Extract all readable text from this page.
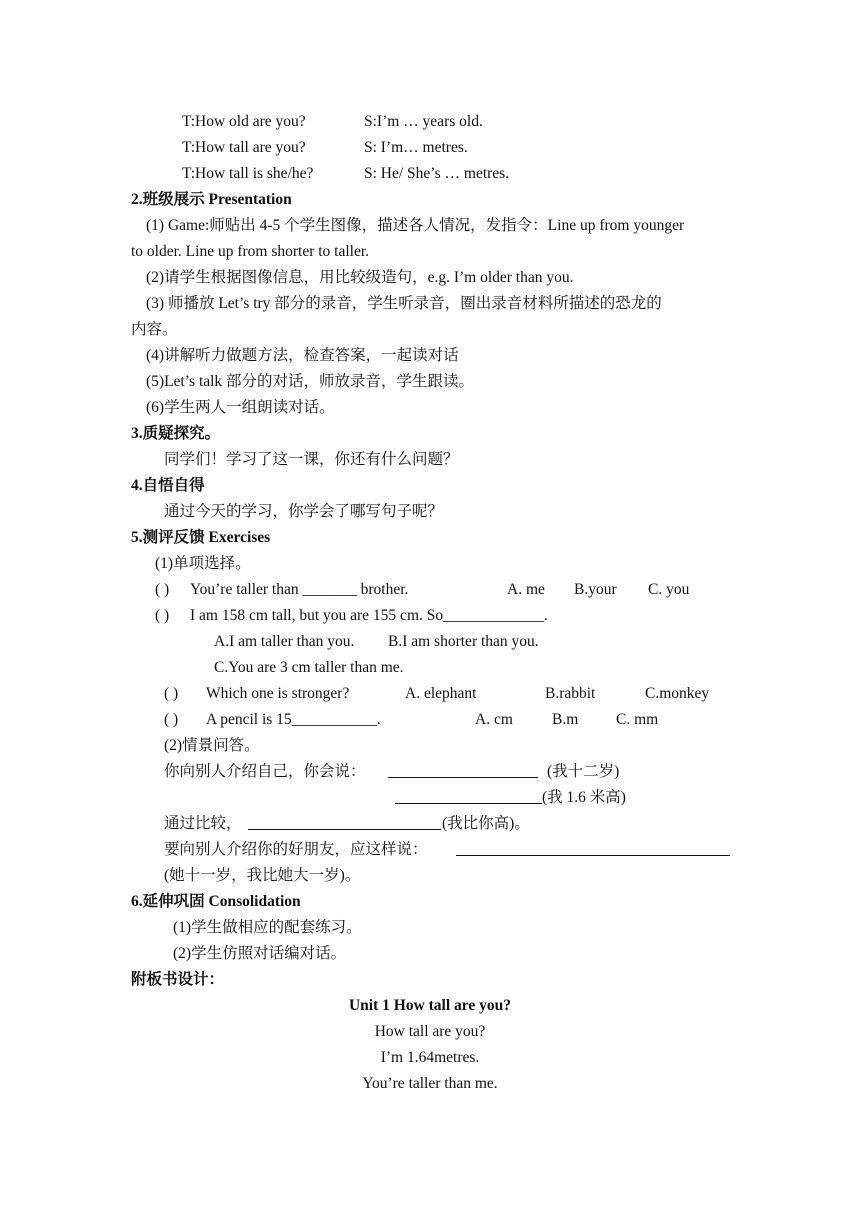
T:How old are you?	S:I’m … years old.
T:How tall are you?	S: I’m… metres.
T:How tall is she/he?	S: He/ She’s … metres.
2.班级展示 Presentation
(1) Game:师贴出 4-5 个学生图像，描述各人情况，发指令：Line up from younger
to older. Line up from shorter to taller.
(2)请学生根据图像信息，用比较级造句，e.g. I’m older than you.
(3) 师播放 Let’s try 部分的录音，学生听录音，圈出录音材料所描述的恐龙的
内容。
(4)讲解听力做题方法，检查答案，一起读对话
(5)Let’s talk 部分的对话，师放录音，学生跟读。
(6)学生两人一组朗读对话。
3.质疑探究。
同学们！学习了这一课，你还有什么问题？
4.自悟自得
通过今天的学习，你学会了哪写句子呢？
5.测评反馈 Exercises
(1)单项选择。
( ) You’re taller than _______ brother.	A. me B.your C. you
( ) I am 158 cm tall, but you are 155 cm. So_____________.
A.I am taller than you. B.I am shorter than you.
C.You are 3 cm taller than me.
( ) Which one is stronger?	A. elephant	B.rabbit	C.monkey
( ) A pencil is 15___________.	A. cm	B.m C. mm
(2)情景问答。
你向别人介绍自己，你会说：	(我十二岁)
(我 1.6 米高)
通过比较，	(我比你高)。
要向别人介绍你的好朋友，应这样说：
(她十一岁，我比她大一岁)。
6.延伸巩固 Consolidation
(1)学生做相应的配套练习。
(2)学生仿照对话编对话。
附板书设计：
Unit 1 How tall are you?
How tall are you?
I’m 1.64metres.
You’re taller than me.
